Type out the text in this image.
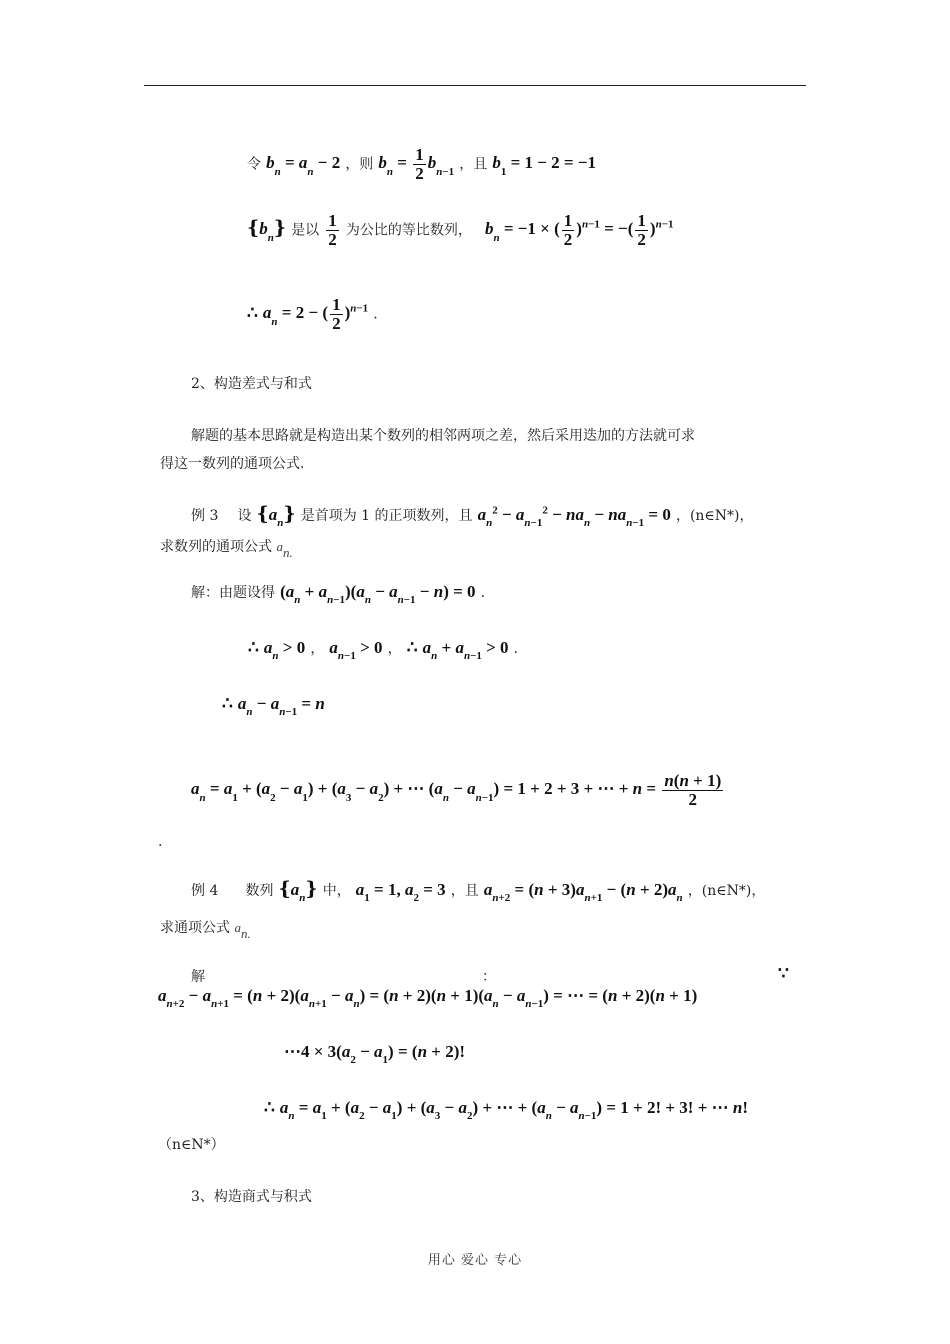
令 $b_n = a_n - 2$ ，则 $b_n = \frac{1}{2} b_{n-1}$ ，且 $b_1 = 1 - 2 = -1$
$\{b_n\}$ 是以 $\frac{1}{2}$ 为公比的等比数列， $b_n = -1$ × ( $\frac{1}{2} )^{n-1}$ = −( $\frac{1}{2} )^{n-1}$
∴ $a_n = 2$ − ( $\frac{1}{2} )^{n-1}$ .
2、构造差式与和式
解题的基本思路就是构造出某个数列的相邻两项之差，然后采用迭加的方法就可求
得这一数列的通项公式.
例 3 设 $\{a_n\}$ 是首项为 1 的正项数列，且 $a_n^2 - a_{n-1}^2 - na_n - na_{n-1} = 0$ ，(n∈N*)，
求数列的通项公式 $a_{n.}$
解：由题设得 $(a_n + a_{n-1})(a_n - a_{n-1} - n) = 0$ .
∴ $a_n > 0$ ， $a_{n-1} > 0$ ， ∴ $a_n + a_{n-1} > 0$ .
∴ $a_n - a_{n-1} = n$
$a_n = a_1 + (a_2 - a_1) + (a_3 - a_2)$ + ⋯ $(a_n - a_{n-1}) = 1 + 2 + 3$ + ⋯ + $n = \frac{n(n + 1)}{2}$
.
例 4 数列 $\{a_n\}$ 中， $a_1 = 1$, $a_2 = 3$ ，且 $a_{n+2} = (n + 3)a_{n+1} - (n + 2)a_n$ ，(n∈N*)，
求通项公式 $a_{n.}$
解	：	∵
$a_{n+2} - a_{n+1} = (n + 2)(a_{n+1} - a_n) = (n + 2)(n + 1)(a_n - a_{n-1})$ = ⋯ = (n + 2)(n + 1)
⋯4 × $3(a_2 - a_1) = (n + 2)$!
∴ $a_n = a_1 + (a_2 - a_1) + (a_3 - a_2)$ + ⋯ + $(a_n - a_{n-1}) = 1 + 2$! + 3! + ⋯ n!
（n∈N*）
3、构造商式与积式
用心 爱心 专心
